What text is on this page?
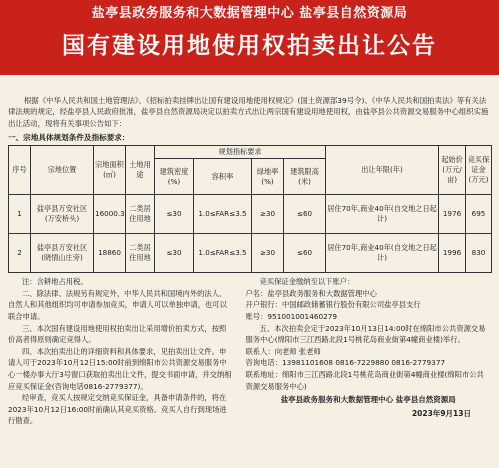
盐亭县政务服务和大数据管理中心 盐亭县自然资源局
国有建设用地使用权拍卖出让公告

根据《中华人民共和国土地管理法》、《招标拍卖挂牌出让国有建设用地使用权规定》(国土资源部39号令)、《中华人民共和国拍卖法》等有关法律法规的规定，经盐亭县人民政府批准，盐亭县自然资源局决定以拍卖方式出让两宗国有建设用地使用权，由盐亭县公共资源交易服务中心组织实施出让活动，现将有关事项公告如下：

一、宗地具体规划条件及指标要求：
序号	宗地位置	宗地面积(㎡)	土地用途	规划指标要求				出让年限(年)	起始价(万元/亩)	竞买保证金(万元)
				建筑密度(%)	容积率	绿地率(%)	建筑限高(米)			
1	盐亭县万安社区(万安桥头)	16000.3	二类居住用地	≤30	1.0≤FAR≤3.5	≥30	≤60	居住70年,商业40年(自交地之日起计)	1976	695
2	盐亭县万安社区(晓情山庄旁)	18860	二类居住用地	≤30	1.0≤FAR≤3.5	≥30	≤60	居住70年,商业40年(自交地之日起计)	1996	830

注：含耕地占用税。

二、除法律、法规另有规定外，中华人民共和国境内外的法人、自然人和其他组织均可申请参加竞买，申请人可以单独申请，也可以联合申请。

三、本次国有建设用地使用权拍卖出让采用增价拍卖方式，按照价高者得原则确定竞得人。

四、本次拍卖出让的详细资料和具体要求，见拍卖出让文件。申请人可于2023年10月12日15:00时前到绵阳市公共资源交易服务中心一楼办事大厅3号窗口获取拍卖出让文件，提交书面申请，并交纳相应竞买保证金(咨询电话0816-2779377)。

经审查，竞买人按规定交纳竞买保证金，具备申请条件的，将在2023年10月12日16:00时前确认其竞买资格。竞买人自行到现场进行勘查。

竞买保证金缴纳至以下账户：

户名：盐亭县政务服务和大数据管理中心

开户银行：中国邮政储蓄银行股份有限公司盐亭县支行

账号：951001001460279

五、本次拍卖会定于2023年10月13日14:00时在绵阳市公共资源交易服务中心(绵阳市三江西路北段1号桃花岛商业街第4幢商业楼)举行。

联系人：向老师 张老师

咨询电话：13981101608 0816-7229880 0816-2779377

联系地址：绵阳市三江西路北段1号桃花岛商业街第4幢商业楼(绵阳市公共资源交易服务中心)

盐亭县政务服务和大数据管理中心 盐亭县自然资源局
2023年9月13日
